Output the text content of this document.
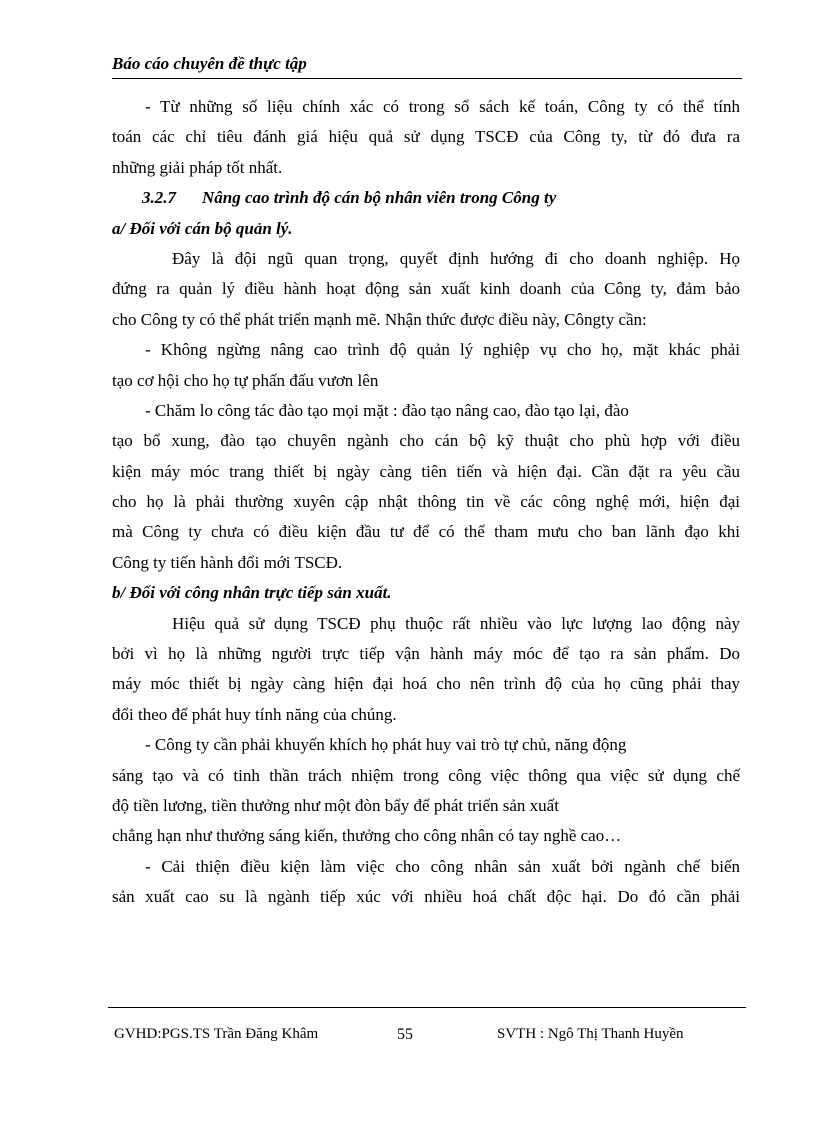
Báo cáo chuyên đề thực tập
- Từ những số liệu chính xác có trong sổ sách kế toán, Công ty có thể tính
toán các chỉ tiêu đánh giá hiệu quả sử dụng TSCĐ của Công ty, từ đó đưa ra
những giải pháp tốt nhất.
3.2.7 Nâng cao trình độ cán bộ nhân viên trong Công ty
a/ Đối với cán bộ quản lý.
Đây là đội ngũ quan trọng, quyết định hướng đi cho doanh nghiệp. Họ
đứng ra quản lý điều hành hoạt động sản xuất kinh doanh của Công ty, đảm bảo
cho Công ty có thể phát triển mạnh mẽ. Nhận thức được điều này, Côngty cần:
- Không ngừng nâng cao trình độ quản lý nghiệp vụ cho họ, mặt khác phải
tạo cơ hội cho họ tự phấn đấu vươn lên
- Chăm lo công tác đào tạo mọi mặt : đào tạo nâng cao, đào tạo lại, đào
tạo bổ xung, đào tạo chuyên ngành cho cán bộ kỹ thuật cho phù hợp với điều
kiện máy móc trang thiết bị ngày càng tiên tiến và hiện đại. Cần đặt ra yêu cầu
cho họ là phải thường xuyên cập nhật thông tin về các công nghệ mới, hiện đại
mà Công ty chưa có điều kiện đầu tư để có thể tham mưu cho ban lãnh đạo khi
Công ty tiến hành đổi mới TSCĐ.
b/ Đối với công nhân trực tiếp sản xuất.
Hiệu quả sử dụng TSCĐ phụ thuộc rất nhiều vào lực lượng lao động này
bởi vì họ là những người trực tiếp vận hành máy móc để tạo ra sản phẩm. Do
máy móc thiết bị ngày càng hiện đại hoá cho nên trình độ của họ cũng phải thay
đổi theo để phát huy tính năng của chúng.
- Công ty cần phải khuyến khích họ phát huy vai trò tự chủ, năng động
sáng tạo và có tinh thần trách nhiệm trong công việc thông qua việc sử dụng chế
độ tiền lương, tiền thưởng như một đòn bẩy để phát triển sản xuất
chẳng hạn như thưởng sáng kiến, thưởng cho công nhân có tay nghề cao…
- Cải thiện điều kiện làm việc cho công nhân sản xuất bởi ngành chế biến
sản xuất cao su là ngành tiếp xúc với nhiều hoá chất độc hại. Do đó cần phải
GVHD:PGS.TS Trần Đăng Khâm	55	SVTH : Ngô Thị Thanh Huyền
